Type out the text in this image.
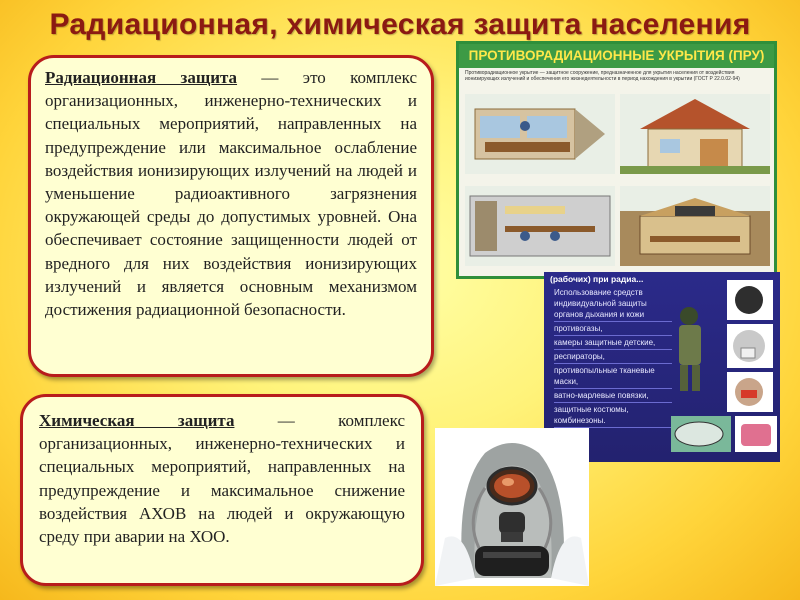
Радиационная, химическая защита населения

Радиационная защита — это комплекс организационных, инженерно-технических и специальных мероприятий, направленных на предупреждение или максимальное ослабление воздействия ионизирующих излучений на людей и уменьшение радиоактивного загрязнения окружающей среды до допустимых уровней. Она обеспечивает состояние защищенности людей от вредного для них воздействия ионизирующих излучений и является основным механизмом достижения радиационной безопасности.

ПРОТИВОРАДИАЦИОННЫЕ УКРЫТИЯ (ПРУ)
Противорадиационное укрытие — защитное сооружение, предназначенное для укрытия населения от воздействия ионизирующих излучений и обеспечения его жизнедеятельности в период нахождения в укрытии (ГОСТ Р 22.0.02-94)
(рабочих) при радиа...
Использование средств индивидуальной защиты органов дыхания и кожи
противогазы,
камеры защитные детские,
респираторы,
противопыльные тканевые маски,
ватно-марлевые повязки,
защитные костюмы, комбинезоны.

Химическая защита — комплекс организационных, инженерно-технических и специальных мероприятий, направленных на предупреждение и максимальное снижение воздействия АХОВ на людей и окружающую среду при аварии на ХОО.
